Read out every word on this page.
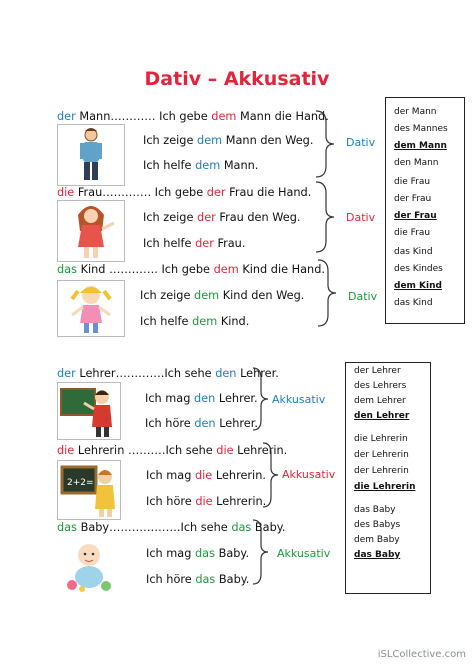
Dativ – Akkusativ
der Mann………… Ich gebe dem Mann die Hand.
Ich zeige dem Mann den Weg.
Ich helfe dem Mann.
die Frau…………. Ich gebe der Frau die Hand.
Ich zeige der Frau den Weg.
Ich helfe der Frau.
das Kind …………. Ich gebe dem Kind die Hand.
Ich zeige dem Kind den Weg.
Ich helfe dem Kind.
Dativ
Dativ
Dativ
der Mann
des Mannes
dem Mann
den Mann
die Frau
der Frau
der Frau
die Frau
das Kind
des Kindes
dem Kind
das Kind
der Lehrer………….Ich sehe den Lehrer.
Ich mag den Lehrer.
Ich höre den Lehrer.
die Lehrerin ……….Ich sehe die Lehrerin.
Ich mag die Lehrerin.
Ich höre die Lehrerin.
das Baby……………….Ich sehe das Baby.
Ich mag das Baby.
Ich höre das Baby.
Akkusativ
Akkusativ
Akkusativ
2+2=
der Lehrer
des Lehrers
dem Lehrer
den Lehrer
die Lehrerin
der Lehrerin
der Lehrerin
die Lehrerin
das Baby
des Babys
dem Baby
das Baby
iSLCollective.com
